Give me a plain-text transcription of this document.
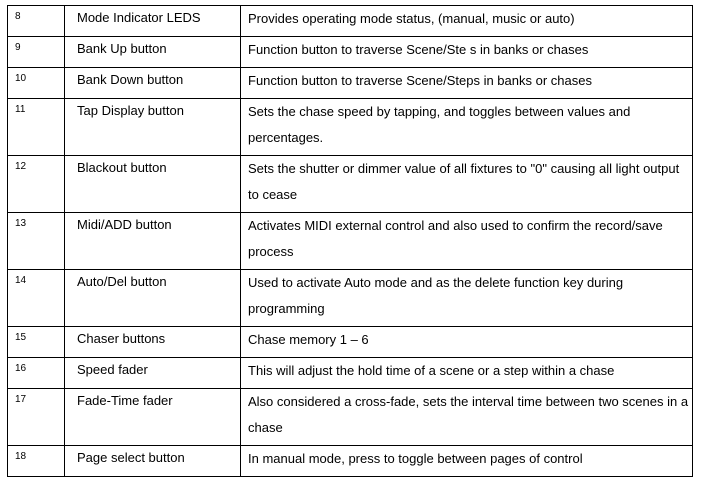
8	Mode Indicator LEDS	Provides operating mode status, (manual, music or auto)
9	Bank Up button	Function button to traverse Scene/Ste s in banks or chases
10	Bank Down button	Function button to traverse Scene/Steps in banks or chases
11	Tap Display button	Sets the chase speed by tapping, and toggles between values and percentages.
12	Blackout button	Sets the shutter or dimmer value of all fixtures to "0" causing all light output to cease
13	Midi/ADD button	Activates MIDI external control and also used to confirm the record/save process
14	Auto/Del button	Used to activate Auto mode and as the delete function key during programming
15	Chaser buttons	Chase memory 1 – 6
16	Speed fader	This will adjust the hold time of a scene or a step within a chase
17	Fade-Time fader	Also considered a cross-fade, sets the interval time between two scenes in a chase
18	Page select button	In manual mode, press to toggle between pages of control
